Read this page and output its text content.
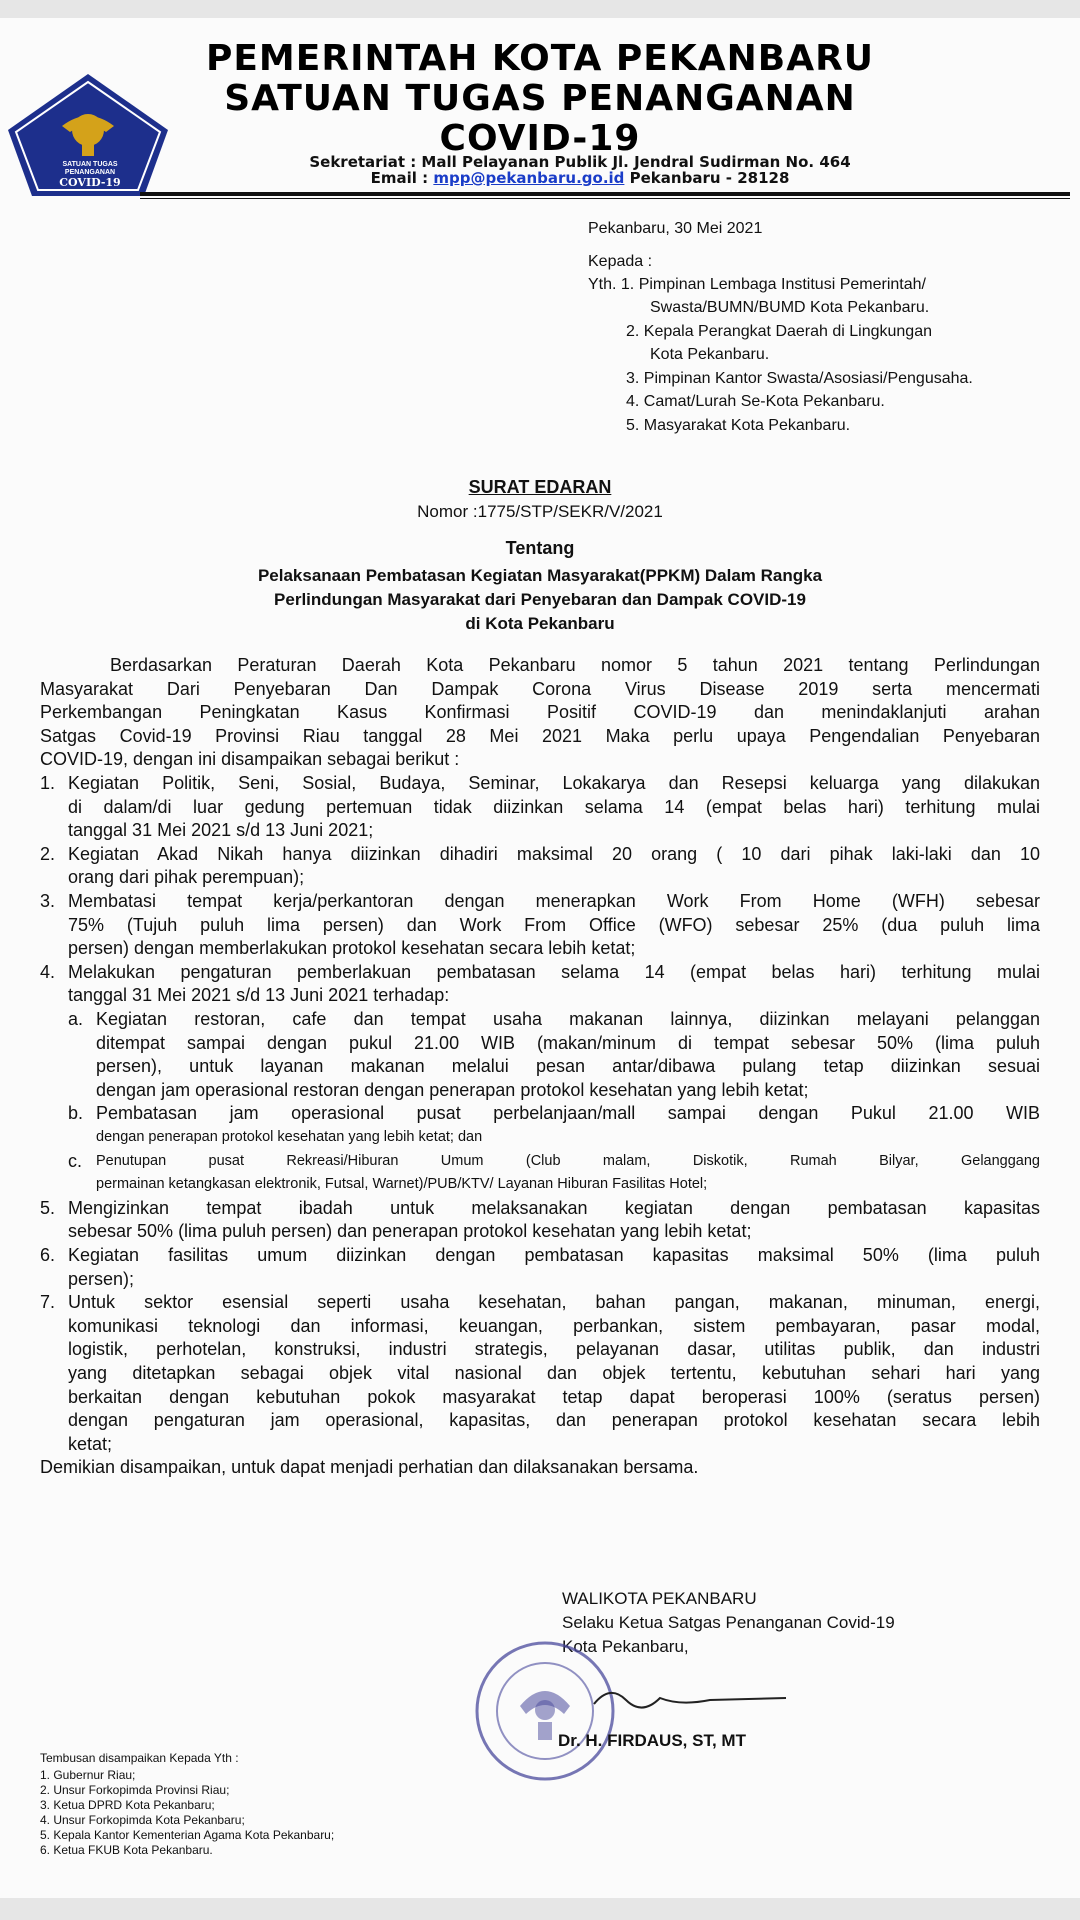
SATUAN TUGAS
PENANGANAN
COVID-19
PEMERINTAH KOTA PEKANBARU
SATUAN TUGAS PENANGANAN
COVID-19
Sekretariat : Mall Pelayanan Publik Jl. Jendral Sudirman No. 464
Email : mpp@pekanbaru.go.id Pekanbaru - 28128
Pekanbaru, 30 Mei 2021
Kepada :
Yth. 1. Pimpinan Lembaga Institusi Pemerintah/
Swasta/BUMN/BUMD Kota Pekanbaru.
2. Kepala Perangkat Daerah di Lingkungan
Kota Pekanbaru.
3. Pimpinan Kantor Swasta/Asosiasi/Pengusaha.
4. Camat/Lurah Se-Kota Pekanbaru.
5. Masyarakat Kota Pekanbaru.
SURAT EDARAN
Nomor :1775/STP/SEKR/V/2021
Tentang
Pelaksanaan Pembatasan Kegiatan Masyarakat(PPKM) Dalam Rangka
Perlindungan Masyarakat dari Penyebaran dan Dampak COVID-19
di Kota Pekanbaru
Berdasarkan Peraturan Daerah Kota Pekanbaru nomor 5 tahun 2021 tentang Perlindungan
Masyarakat Dari Penyebaran Dan Dampak Corona Virus Disease 2019 serta mencermati
Perkembangan Peningkatan Kasus Konfirmasi Positif COVID-19 dan menindaklanjuti arahan
Satgas Covid-19 Provinsi Riau tanggal 28 Mei 2021 Maka perlu upaya Pengendalian Penyebaran
COVID-19, dengan ini disampaikan sebagai berikut :
1. Kegiatan Politik, Seni, Sosial, Budaya, Seminar, Lokakarya dan Resepsi keluarga yang dilakukan
di dalam/di luar gedung pertemuan tidak diizinkan selama 14 (empat belas hari) terhitung mulai
tanggal 31 Mei 2021 s/d 13 Juni 2021;
2. Kegiatan Akad Nikah hanya diizinkan dihadiri maksimal 20 orang ( 10 dari pihak laki-laki dan 10
orang dari pihak perempuan);
3. Membatasi tempat kerja/perkantoran dengan menerapkan Work From Home (WFH) sebesar
75% (Tujuh puluh lima persen) dan Work From Office (WFO) sebesar 25% (dua puluh lima
persen) dengan memberlakukan protokol kesehatan secara lebih ketat;
4. Melakukan pengaturan pemberlakuan pembatasan selama 14 (empat belas hari) terhitung mulai
tanggal 31 Mei 2021 s/d 13 Juni 2021 terhadap:
a. Kegiatan restoran, cafe dan tempat usaha makanan lainnya, diizinkan melayani pelanggan
ditempat sampai dengan pukul 21.00 WIB (makan/minum di tempat sebesar 50% (lima puluh
persen), untuk layanan makanan melalui pesan antar/dibawa pulang tetap diizinkan sesuai
dengan jam operasional restoran dengan penerapan protokol kesehatan yang lebih ketat;
b. Pembatasan jam operasional pusat perbelanjaan/mall sampai dengan Pukul 21.00 WIB
dengan penerapan protokol kesehatan yang lebih ketat; dan
c. Penutupan pusat Rekreasi/Hiburan Umum (Club malam, Diskotik, Rumah Bilyar, Gelanggang
permainan ketangkasan elektronik, Futsal, Warnet)/PUB/KTV/ Layanan Hiburan Fasilitas Hotel;
5. Mengizinkan tempat ibadah untuk melaksanakan kegiatan dengan pembatasan kapasitas
sebesar 50% (lima puluh persen) dan penerapan protokol kesehatan yang lebih ketat;
6. Kegiatan fasilitas umum diizinkan dengan pembatasan kapasitas maksimal 50% (lima puluh
persen);
7. Untuk sektor esensial seperti usaha kesehatan, bahan pangan, makanan, minuman, energi,
komunikasi teknologi dan informasi, keuangan, perbankan, sistem pembayaran, pasar modal,
logistik, perhotelan, konstruksi, industri strategis, pelayanan dasar, utilitas publik, dan industri
yang ditetapkan sebagai objek vital nasional dan objek tertentu, kebutuhan sehari hari yang
berkaitan dengan kebutuhan pokok masyarakat tetap dapat beroperasi 100% (seratus persen)
dengan pengaturan jam operasional, kapasitas, dan penerapan protokol kesehatan secara lebih
ketat;
Demikian disampaikan, untuk dapat menjadi perhatian dan dilaksanakan bersama.
WALIKOTA PEKANBARU
Selaku Ketua Satgas Penanganan Covid-19
Kota Pekanbaru,
Dr. H. FIRDAUS, ST, MT
Tembusan disampaikan Kepada Yth :
1. Gubernur Riau;
2. Unsur Forkopimda Provinsi Riau;
3. Ketua DPRD Kota Pekanbaru;
4. Unsur Forkopimda Kota Pekanbaru;
5. Kepala Kantor Kementerian Agama Kota Pekanbaru;
6. Ketua FKUB Kota Pekanbaru.
